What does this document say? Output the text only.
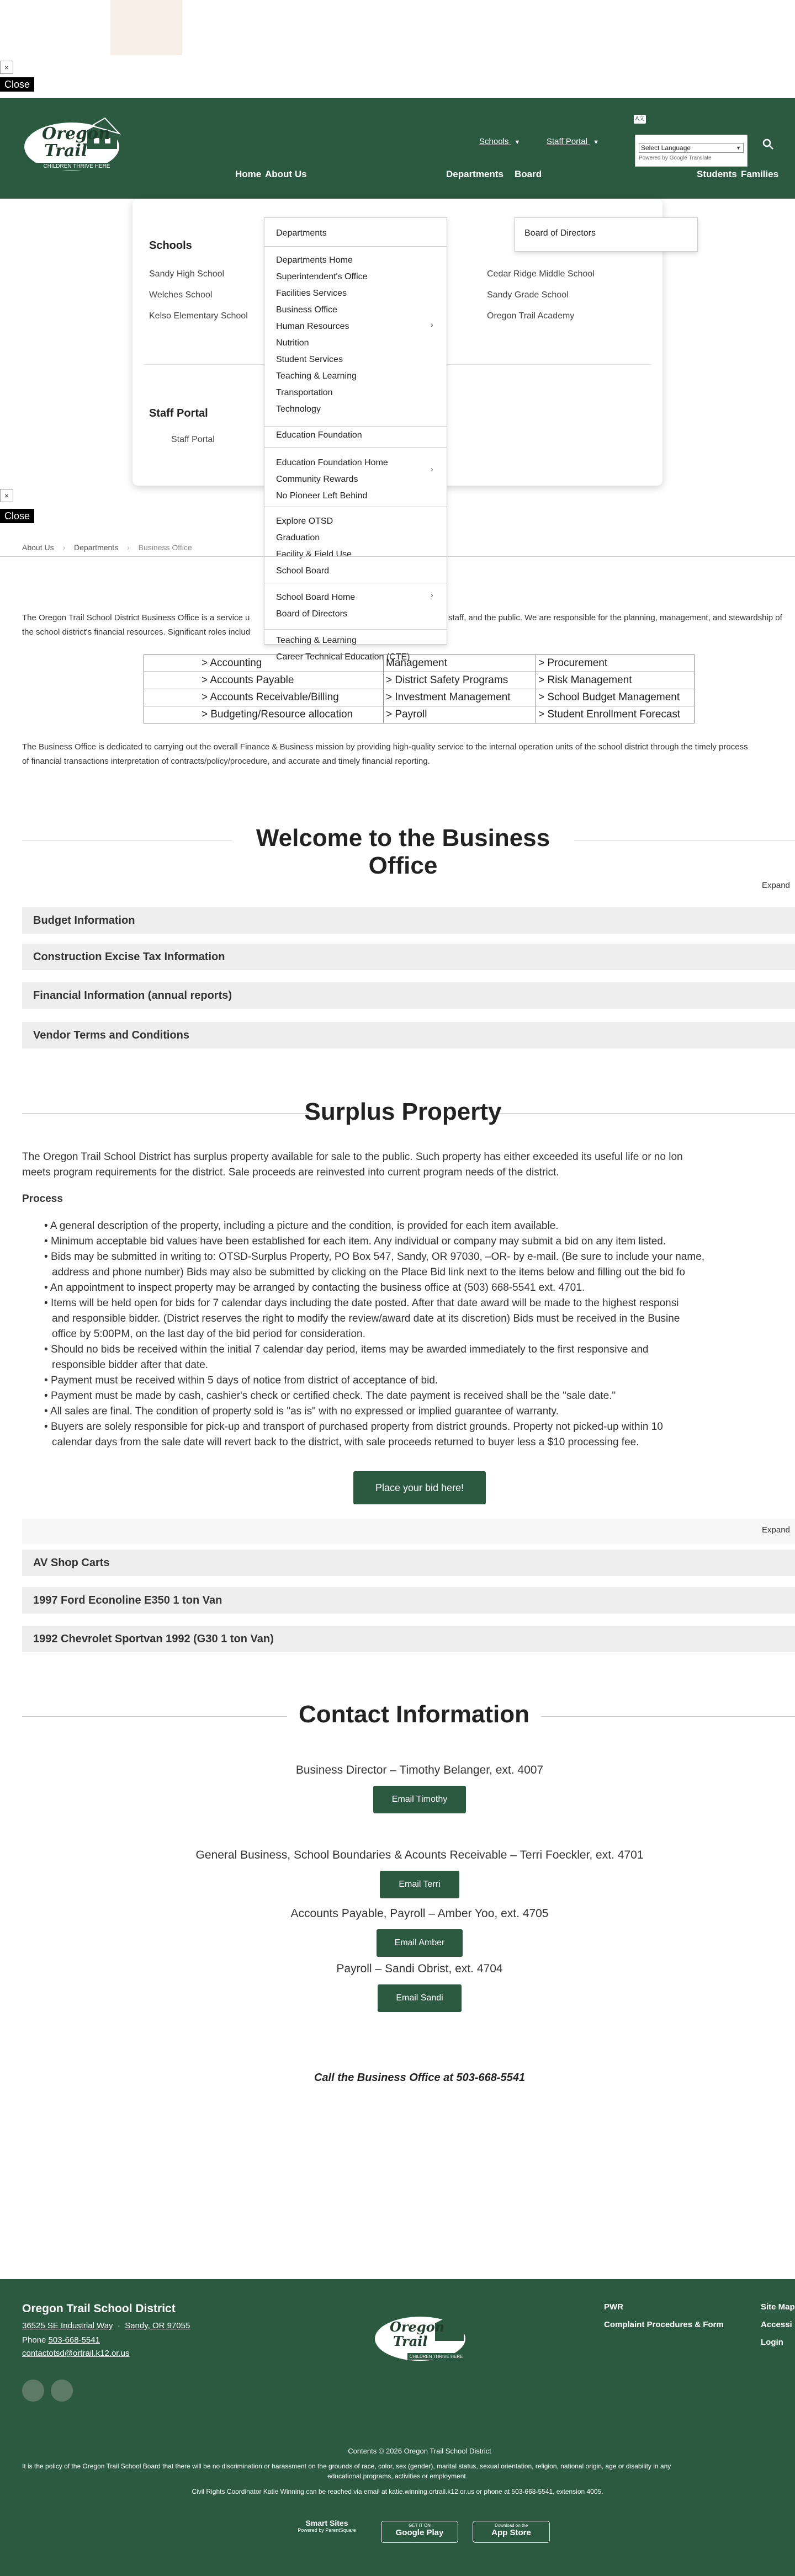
×
Close
Oregon
Trail
CHILDREN THRIVE HERE
Schools ▼	Staff Portal ▼
A文
Select Language	▼
Powered by Google Translate
Home About Us	Departments Board	Students Families
Schools
Sandy High School
Welches School
Kelso Elementary School
Cedar Ridge Middle School
Sandy Grade School
Oregon Trail Academy
Staff Portal
Staff Portal
Board of Directors
Departments
Departments Home
Superintendent's Office
Facilities Services
Business Office
Human Resources
Nutrition
Student Services
Teaching & Learning
Transportation
Technology
›
Education Foundation
Education Foundation Home
Community Rewards
No Pioneer Left Behind
›
Explore OTSD
Graduation
Facility & Field Use
School Board
School Board Home
Board of Directors
›
Teaching & Learning
Career Technical Education (CTE)
×
Close
About Us › Departments › Business Office

The Oregon Trail School District Business Office is a service u	staff, and the public. We are responsible for the planning, management, and stewardship of

the school district's financial resources. Significant roles includ

> Accounting	Management	> Procurement
> Accounts Payable	> District Safety Programs	> Risk Management
> Accounts Receivable/Billing	> Investment Management	> School Budget Management
> Budgeting/Resource allocation	> Payroll	> Student Enrollment Forecast

The Business Office is dedicated to carrying out the overall Finance & Business mission by providing high-quality service to the internal operation units of the school district through the timely process

of financial transactions interpretation of contracts/policy/procedure, and accurate and timely financial reporting.

Welcome to the Business Office
Expand
Budget Information
Construction Excise Tax Information
Financial Information (annual reports)
Vendor Terms and Conditions
Surplus Property

The Oregon Trail School District has surplus property available for sale to the public. Such property has either exceeded its useful life or no lon

meets program requirements for the district. Sale proceeds are reinvested into current program needs of the district.

Process
• A general description of the property, including a picture and the condition, is provided for each item available.
• Minimum acceptable bid values have been established for each item. Any individual or company may submit a bid on any item listed.
• Bids may be submitted in writing to: OTSD-Surplus Property, PO Box 547, Sandy, OR 97030, –OR- by e-mail. (Be sure to include your name,
address and phone number) Bids may also be submitted by clicking on the Place Bid link next to the items below and filling out the bid fo
• An appointment to inspect property may be arranged by contacting the business office at (503) 668-5541 ext. 4701.
• Items will be held open for bids for 7 calendar days including the date posted. After that date award will be made to the highest responsi
and responsible bidder. (District reserves the right to modify the review/award date at its discretion) Bids must be received in the Busine
office by 5:00PM, on the last day of the bid period for consideration.
• Should no bids be received within the initial 7 calendar day period, items may be awarded immediately to the first responsive and
responsible bidder after that date.
• Payment must be received within 5 days of notice from district of acceptance of bid.
• Payment must be made by cash, cashier's check or certified check. The date payment is received shall be the "sale date."
• All sales are final. The condition of property sold is "as is" with no expressed or implied guarantee of warranty.
• Buyers are solely responsible for pick-up and transport of purchased property from district grounds. Property not picked-up within 10
calendar days from the sale date will revert back to the district, with sale proceeds returned to buyer less a $10 processing fee.
Place your bid here!
Expand
AV Shop Carts
1997 Ford Econoline E350 1 ton Van
1992 Chevrolet Sportvan 1992 (G30 1 ton Van)
Contact Information
Business Director – Timothy Belanger, ext. 4007
Email Timothy
General Business, School Boundaries & Acounts Receivable – Terri Foeckler, ext. 4701
Email Terri
Accounts Payable, Payroll – Amber Yoo, ext. 4705
Email Amber
Payroll – Sandi Obrist, ext. 4704
Email Sandi
Call the Business Office at 503-668-5541
Oregon Trail School District
36525 SE Industrial Way  ·  Sandy, OR 97055
Phone 503-668-5541
contactotsd@ortrail.k12.or.us
Oregon
Trail
CHILDREN THRIVE HERE
PWR
Complaint Procedures & Form
Site Map
Accessi
Login
Contents © 2026 Oregon Trail School District
It is the policy of the Oregon Trail School Board that there will be no discrimination or harassment on the grounds of race, color, sex (gender), marital status, sexual orientation, religion, national origin, age or disability in any
educational programs, activities or employment.
Civil Rights Coordinator Katie Winning can be reached via email at katie.winning.ortrail.k12.or.us or phone at 503-668-5541, extension 4005.
Smart Sites
Powered by ParentSquare
GET IT ON
Google Play
Download on the
App Store
